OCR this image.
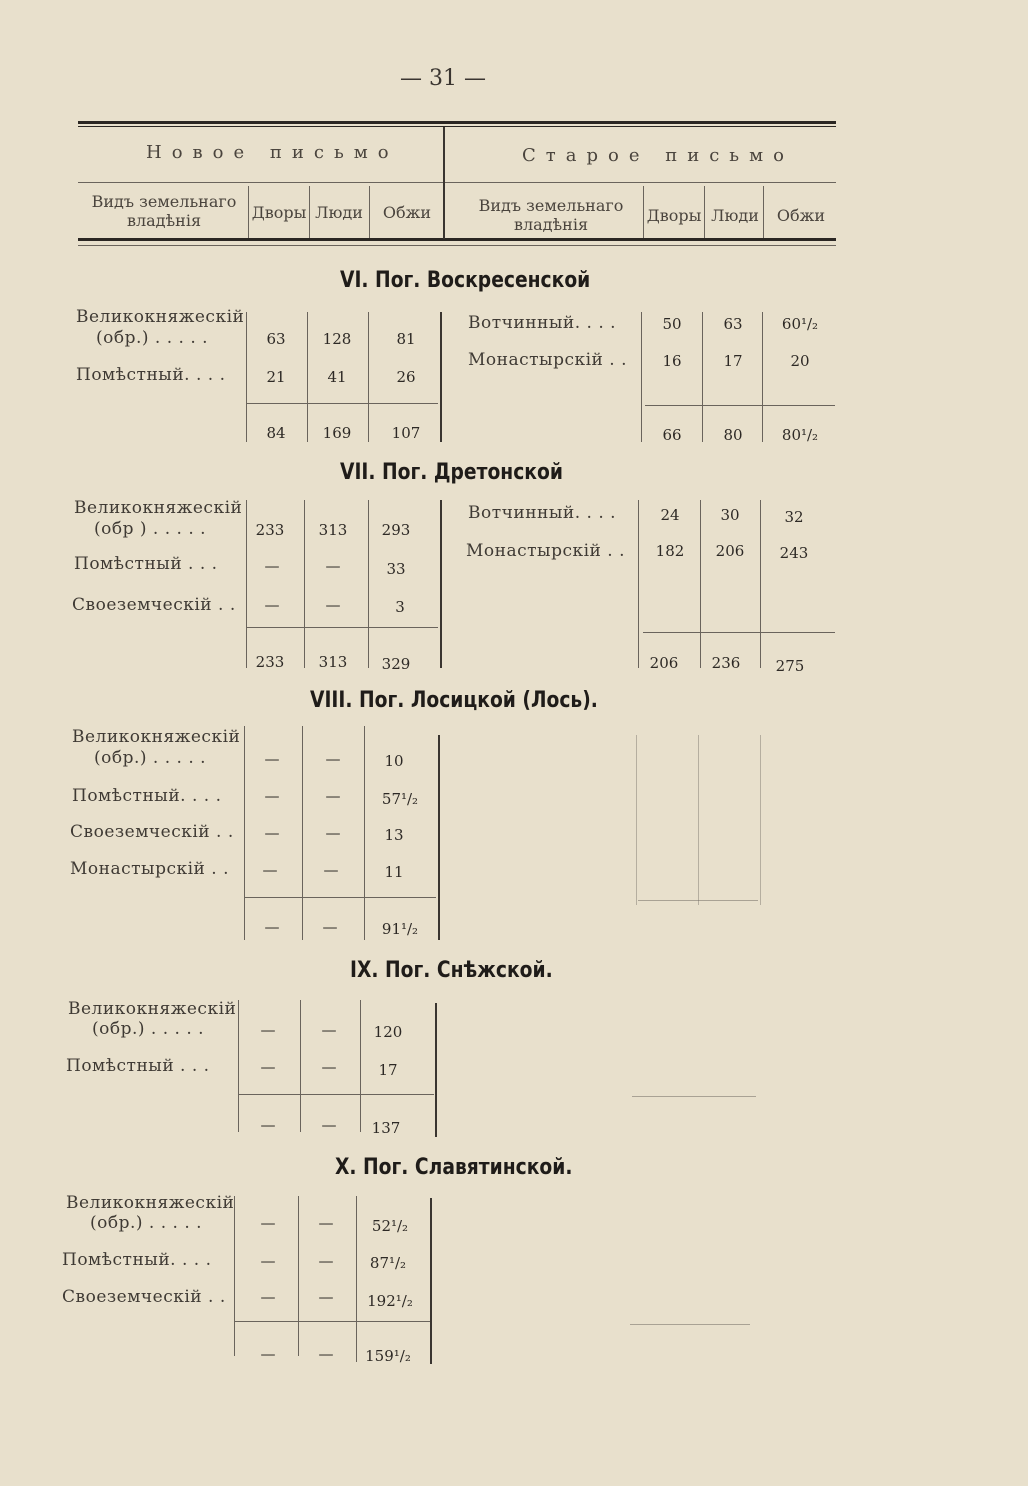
— 31 —
Новое письмо	Старое письмо
Видъ земельнаго владѣнія	Дворы Люди	Обжи	Видъ земельнаго владѣнія	Дворы Люди	Обжи
VI. Пог. Воскресенской
Великокняжескій
(обр.) . . . . .	63	128	81
Помѣстный. . . .	21	41	26
84	169	107
Вотчинный. . . .	50	63	60¹/₂
Монастырскій . .	16	17	20
66	80	80¹/₂
VII. Пог. Дретонской
Великокняжескій
(обр ) . . . . .	233	313	293
Помѣстный . . .	—	—	33
Своеземческій . .	—	—	3
233	313	329
Вотчинный. . . .	24	30	32
Монастырскій . .	182	206	243
206	236	275
VIII. Пог. Лосицкой (Лось).
Великокняжескій
(обр.) . . . . .	—	—	10
Помѣстный. . . .	—	—	57¹/₂
Своеземческій . .	—	—	13
Монастырскій . .	—	—	11
—	—	91¹/₂
IX. Пог. Снѣжской.
Великокняжескій
(обр.) . . . . .	—	—	120
Помѣстный . . .	—	—	17
—	—	137
X. Пог. Славятинской.
Великокняжескій
(обр.) . . . . .	—	—	52¹/₂
Помѣстный. . . .	—	—	87¹/₂
Своеземческій . .	—	—	192¹/₂
—	—	159¹/₂
